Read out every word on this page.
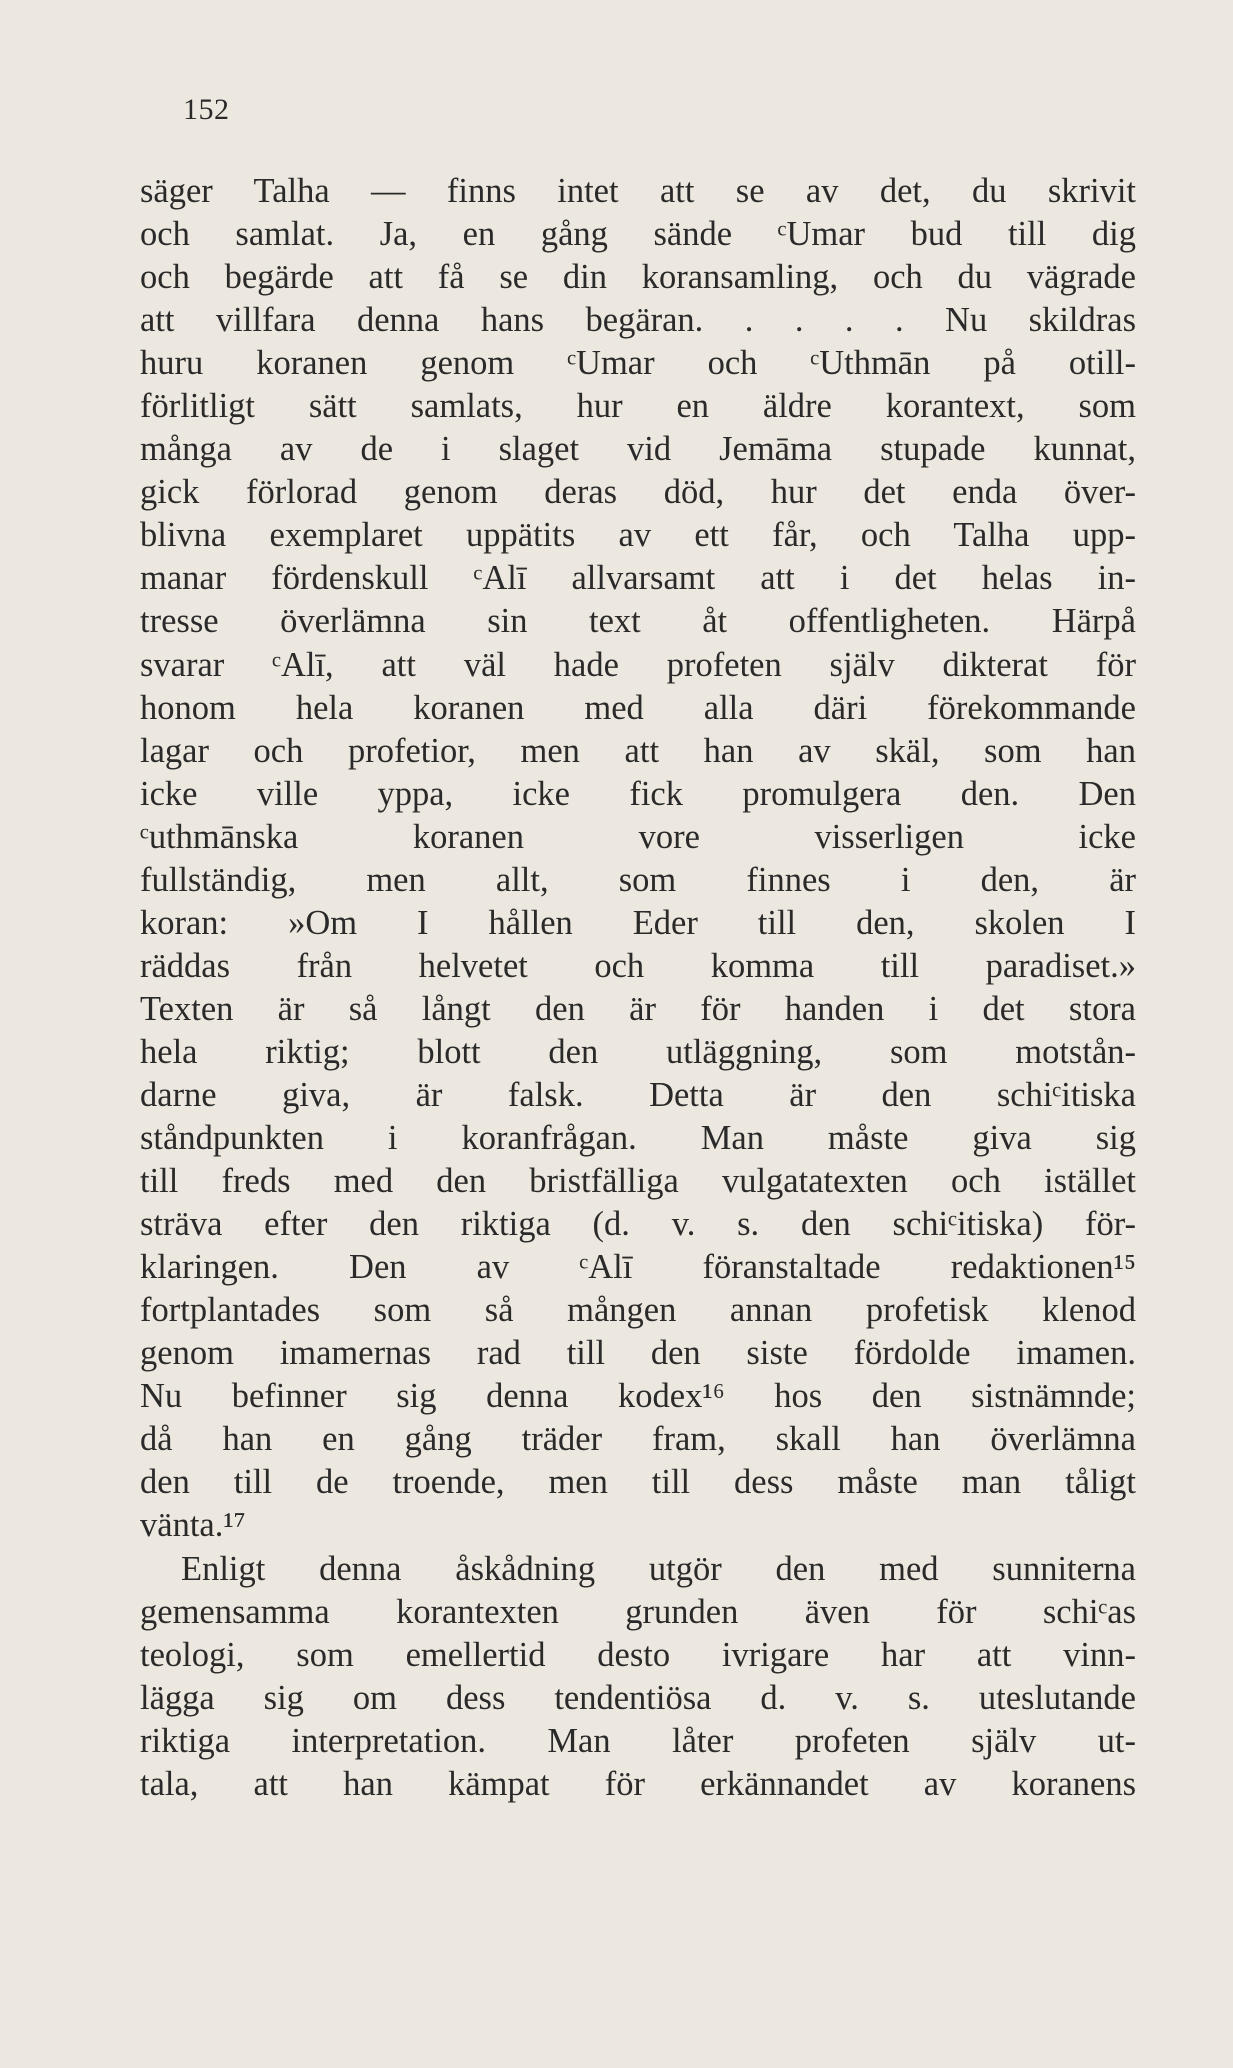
152
säger Talha — finns intet att se av det, du skrivit
och samlat. Ja, en gång sände ᶜUmar bud till dig
och begärde att få se din koransamling, och du vägrade
att villfara denna hans begäran. . . . . Nu skildras
huru koranen genom ᶜUmar och ᶜUthmān på otill-
förlitligt sätt samlats, hur en äldre korantext, som
många av de i slaget vid Jemāma stupade kunnat,
gick förlorad genom deras död, hur det enda över-
blivna exemplaret uppätits av ett får, och Talha upp-
manar fördenskull ᶜAlī allvarsamt att i det helas in-
tresse överlämna sin text åt offentligheten. Härpå
svarar ᶜAlī, att väl hade profeten själv dikterat för
honom hela koranen med alla däri förekommande
lagar och profetior, men att han av skäl, som han
icke ville yppa, icke fick promulgera den. Den
ᶜuthmānska koranen vore visserligen icke
fullständig, men allt, som finnes i den, är
koran: »Om I hållen Eder till den, skolen I
räddas från helvetet och komma till paradiset.»
Texten är så långt den är för handen i det stora
hela riktig; blott den utläggning, som motstån-
darne giva, är falsk. Detta är den schiᶜitiska
ståndpunkten i koranfrågan. Man måste giva sig
till freds med den bristfälliga vulgatatexten och istället
sträva efter den riktiga (d. v. s. den schiᶜitiska) för-
klaringen. Den av ᶜAlī föranstaltade redaktionen¹⁵
fortplantades som så mången annan profetisk klenod
genom imamernas rad till den siste fördolde imamen.
Nu befinner sig denna kodex¹⁶ hos den sistnämnde;
då han en gång träder fram, skall han överlämna
den till de troende, men till dess måste man tåligt
vänta.¹⁷
Enligt denna åskådning utgör den med sunniterna
gemensamma korantexten grunden även för schiᶜas
teologi, som emellertid desto ivrigare har att vinn-
lägga sig om dess tendentiösa d. v. s. uteslutande
riktiga interpretation. Man låter profeten själv ut-
tala, att han kämpat för erkännandet av koranens
